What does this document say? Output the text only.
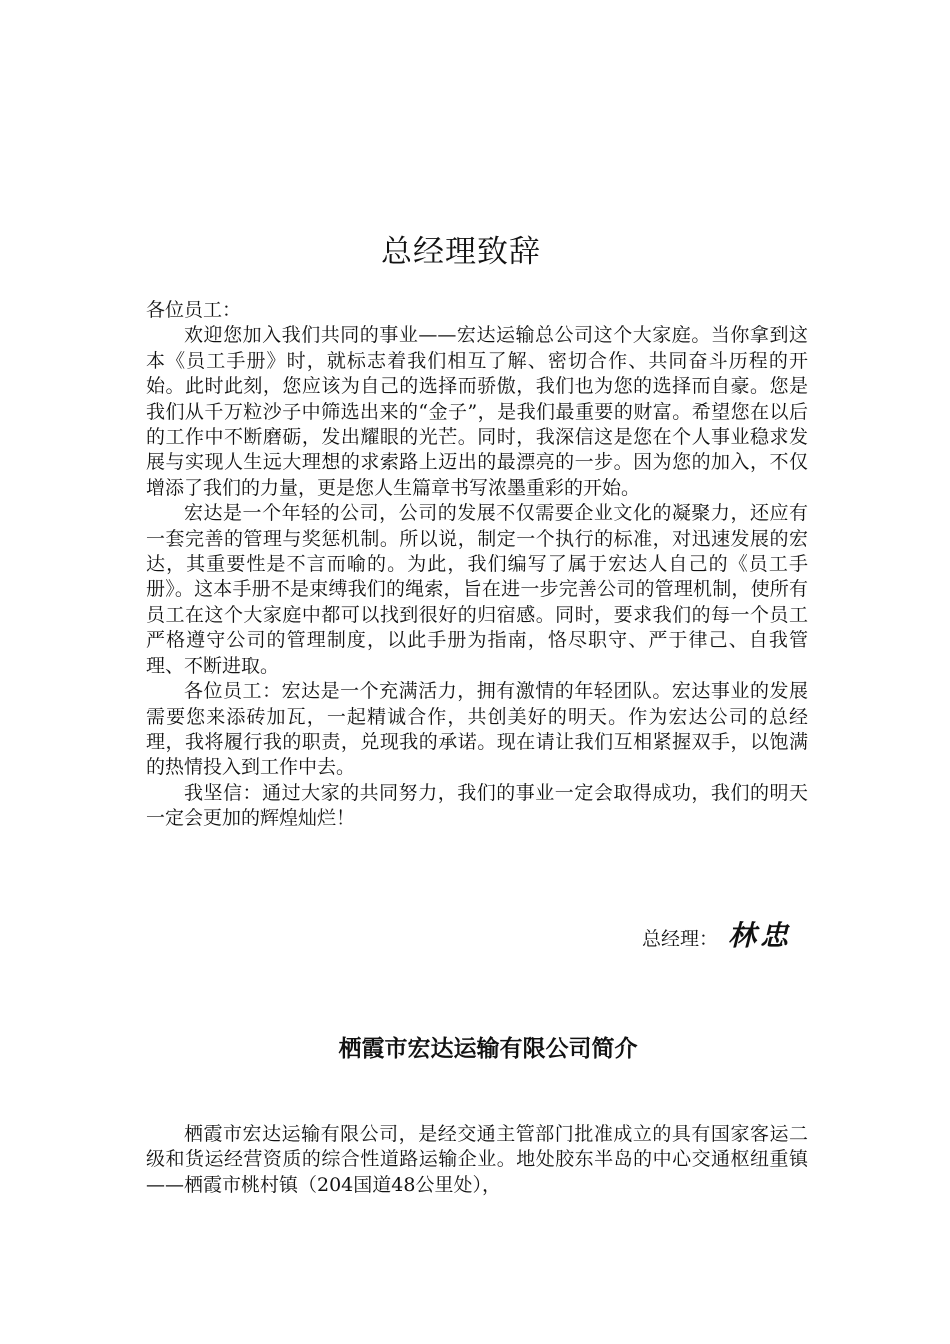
总经理致辞

各位员工：

欢迎您加入我们共同的事业——宏达运输总公司这个大家庭。当你拿到这本《员工手册》时，就标志着我们相互了解、密切合作、共同奋斗历程的开始。此时此刻，您应该为自己的选择而骄傲，我们也为您的选择而自豪。您是我们从千万粒沙子中筛选出来的“金子”，是我们最重要的财富。希望您在以后的工作中不断磨砺，发出耀眼的光芒。同时，我深信这是您在个人事业稳求发展与实现人生远大理想的求索路上迈出的最漂亮的一步。因为您的加入，不仅增添了我们的力量，更是您人生篇章书写浓墨重彩的开始。

宏达是一个年轻的公司，公司的发展不仅需要企业文化的凝聚力，还应有一套完善的管理与奖惩机制。所以说，制定一个执行的标准，对迅速发展的宏达，其重要性是不言而喻的。为此，我们编写了属于宏达人自己的《员工手册》。这本手册不是束缚我们的绳索，旨在进一步完善公司的管理机制，使所有员工在这个大家庭中都可以找到很好的归宿感。同时，要求我们的每一个员工严格遵守公司的管理制度，以此手册为指南，恪尽职守、严于律己、自我管理、不断进取。

各位员工：宏达是一个充满活力，拥有激情的年轻团队。宏达事业的发展需要您来添砖加瓦，一起精诚合作，共创美好的明天。作为宏达公司的总经理，我将履行我的职责，兑现我的承诺。现在请让我们互相紧握双手，以饱满的热情投入到工作中去。

我坚信：通过大家的共同努力，我们的事业一定会取得成功，我们的明天一定会更加的辉煌灿烂！

总经理： 林忠
栖霞市宏达运输有限公司简介

栖霞市宏达运输有限公司，是经交通主管部门批准成立的具有国家客运二级和货运经营资质的综合性道路运输企业。地处胶东半岛的中心交通枢纽重镇——栖霞市桃村镇（204国道48公里处），
